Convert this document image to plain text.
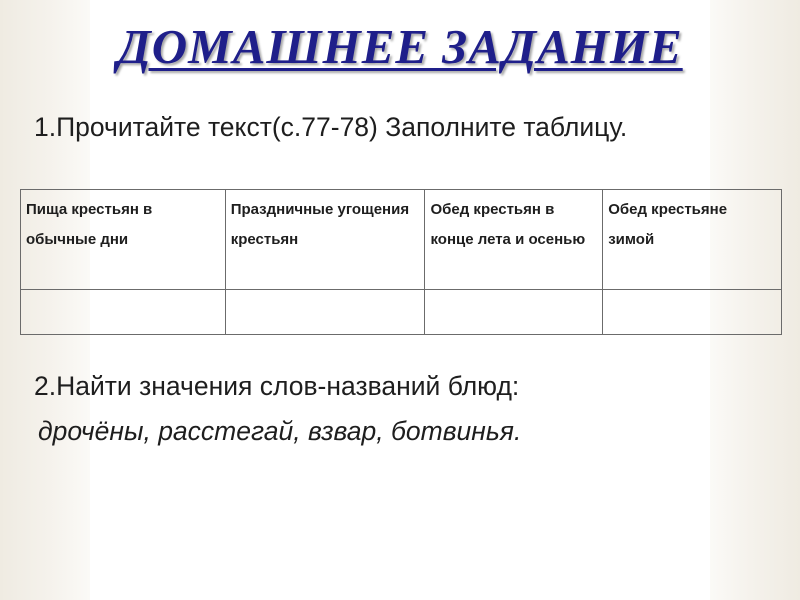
ДОМАШНЕЕ ЗАДАНИЕ
1.Прочитайте текст(с.77-78) Заполните таблицу.
Пища крестьян в обычные дни	Праздничные угощения крестьян	Обед крестьян в конце лета и осенью	Обед крестьяне зимой

2.Найти значения слов-названий блюд:
дрочёны, расстегай, взвар, ботвинья.
